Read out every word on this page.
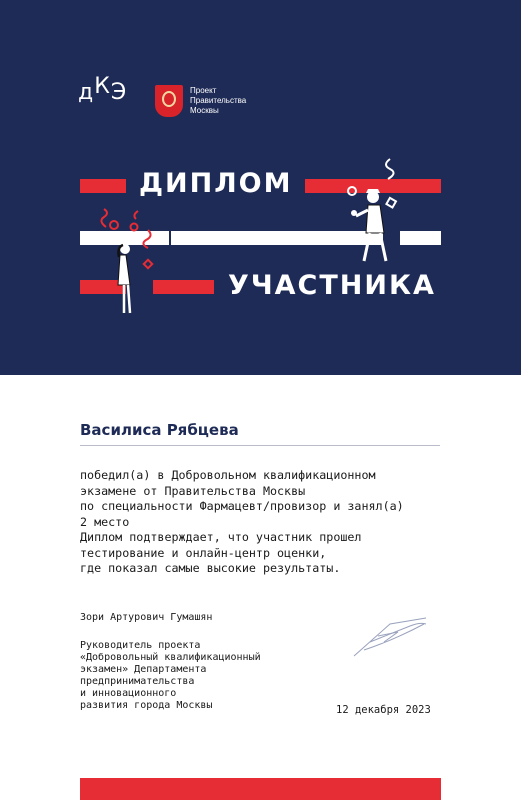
дКЭ	Проект
Правительства
Москвы
ДИПЛОМ
УЧАСТНИКА
Василиса Рябцева
победил(а) в Добровольном квалификационном
экзамене от Правительства Москвы
по специальности Фармацевт/провизор и занял(а)
2 место
Диплом подтверждает, что участник прошел
тестирование и онлайн-центр оценки,
где показал самые высокие результаты.
Зори Артурович Гумашян
Руководитель проекта
«Добровольный квалификационный
экзамен» Департамента
предпринимательства
и инновационного
развития города Москвы	12 декабря 2023
